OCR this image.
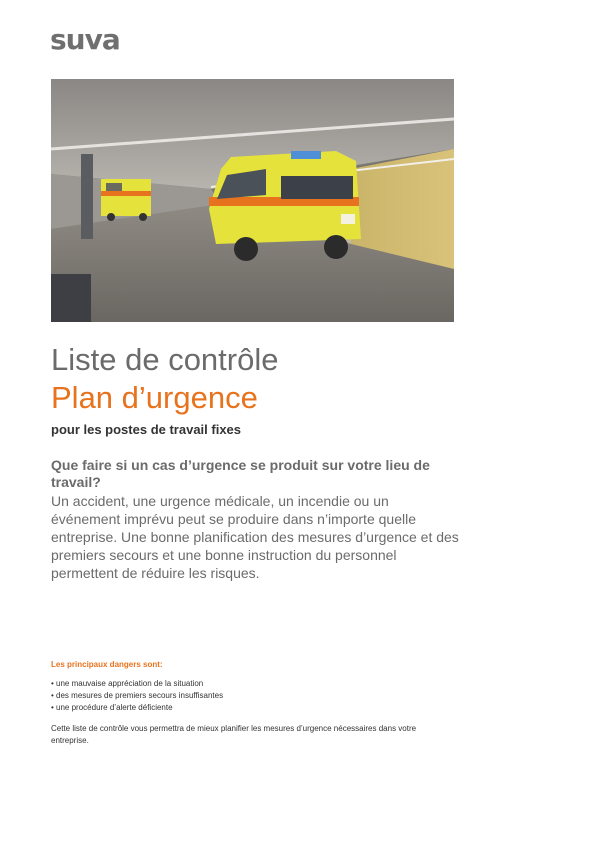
suva
Liste de contrôle
Plan d’urgence
pour les postes de travail fixes
Que faire si un cas d’urgence se produit sur votre lieu de travail?
Un accident, une urgence médicale, un incendie ou un événement imprévu peut se produire dans n’importe quelle entreprise. Une bonne planification des mesures d’urgence et des premiers secours et une bonne instruction du personnel permettent de réduire les risques.
Les principaux dangers sont:
• une mauvaise appréciation de la situation
• des mesures de premiers secours insuffisantes
• une procédure d’alerte déficiente
Cette liste de contrôle vous permettra de mieux planifier les mesures d’urgence nécessaires dans votre entreprise.
